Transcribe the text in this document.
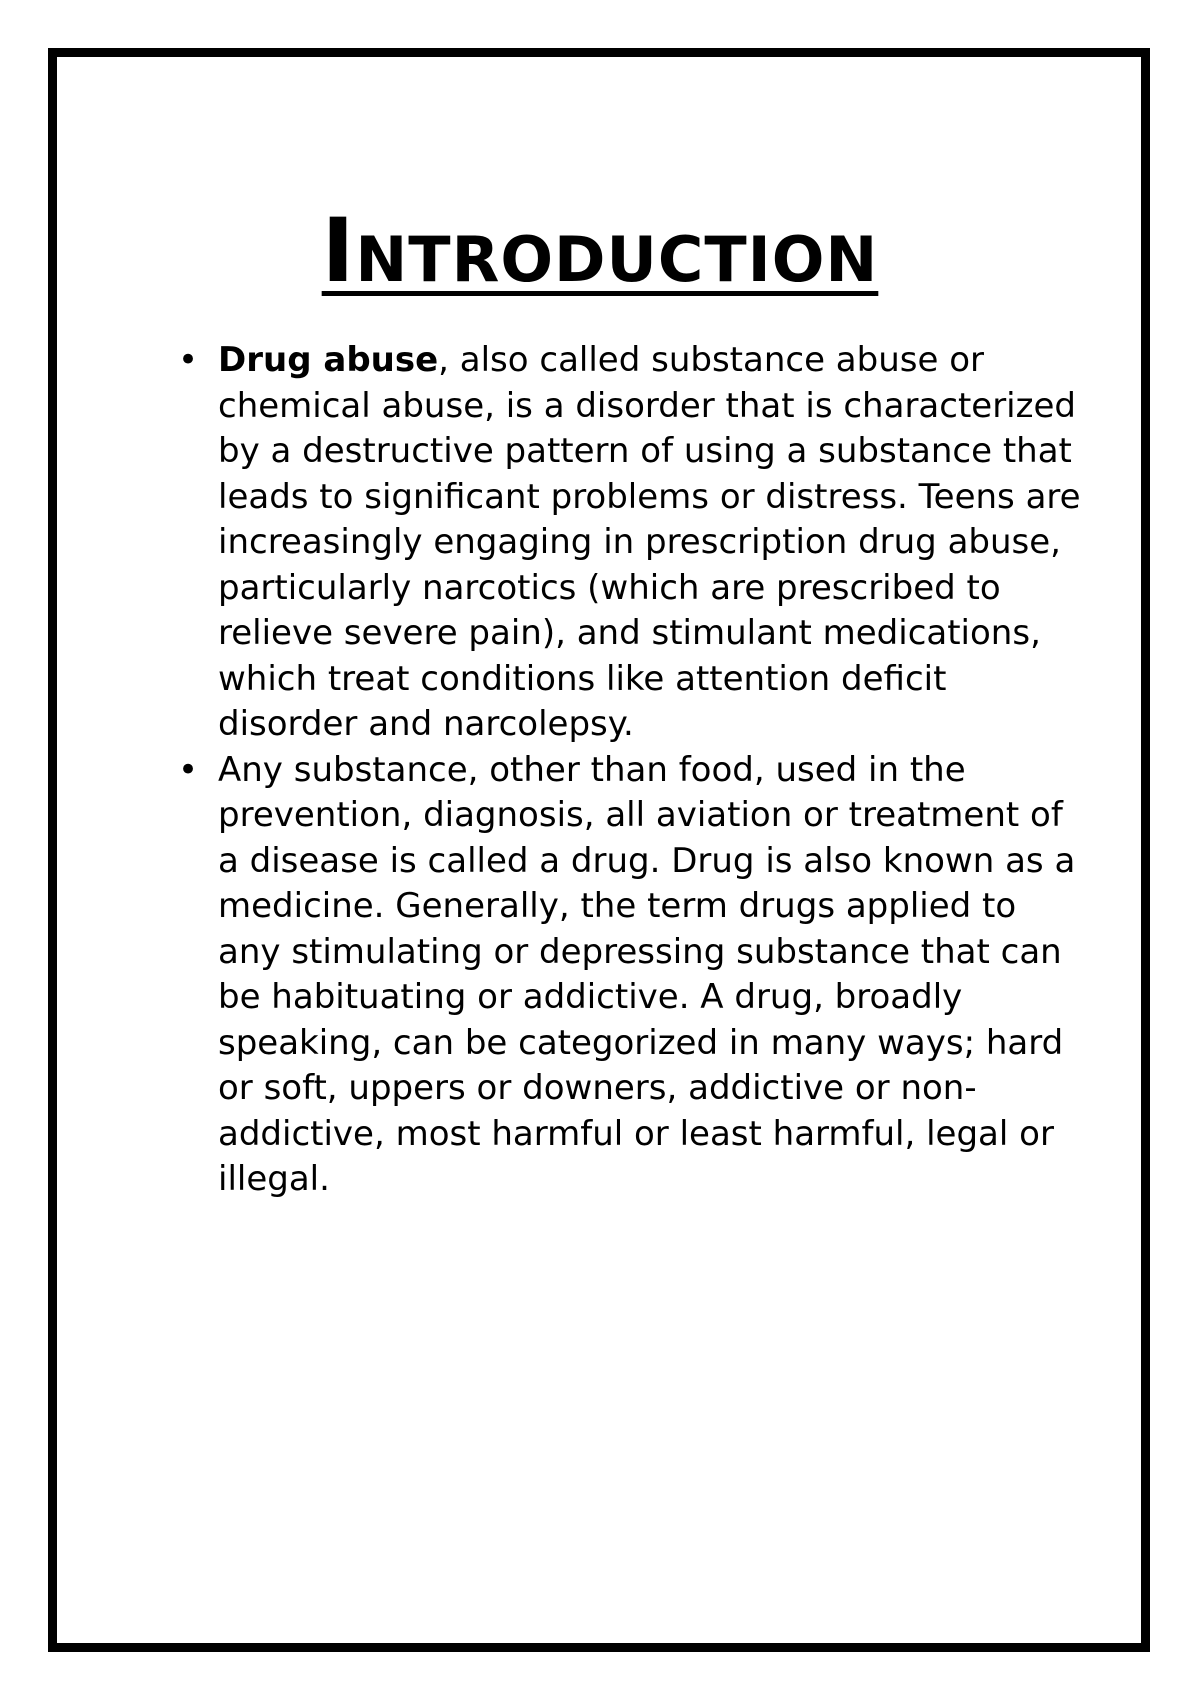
Introduction
• Drug abuse, also called substance abuse or chemical abuse, is a disorder that is characterized by a destructive pattern of using a substance that leads to significant problems or distress. Teens are increasingly engaging in prescription drug abuse, particularly narcotics (which are prescribed to relieve severe pain), and stimulant medications, which treat conditions like attention deficit disorder and narcolepsy.
• Any substance, other than food, used in the prevention, diagnosis, all aviation or treatment of a disease is called a drug. Drug is also known as a medicine. Generally, the term drugs applied to any stimulating or depressing substance that can be habituating or addictive. A drug, broadly speaking, can be categorized in many ways; hard or soft, uppers or downers, addictive or non-addictive, most harmful or least harmful, legal or illegal.
